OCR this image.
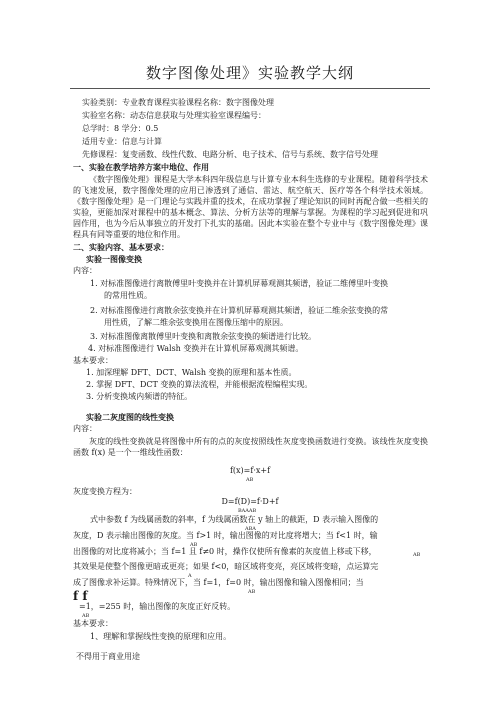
数字图像处理》实验教学大纲
实验类别：专业教育课程实验课程名称：数字图像处理
实验室名称：动态信息获取与处理实验室课程编号：
总学时：8 学分：0.5
适用专业：信息与计算
先修课程：复变函数、线性代数、电路分析、电子技术、信号与系统、数字信号处理
一、实验在教学培养方案中地位、作用
《数字图像处理》课程是大学本科四年级信息与计算专业本科生选修的专业课程。随着科学技术的飞速发展，数字图像处理的应用已渗透到了通信、雷达、航空航天、医疗等各个科学技术领域。《数字图像处理》是一门理论与实践并重的技术，在成功掌握了理论知识的同时再配合做一些相关的实验，更能加深对课程中的基本概念、算法、分析方法等的理解与掌握。为课程的学习起到促进和巩固作用，也为今后从事独立的开发打下扎实的基础。因此本实验在整个专业中与《数字图像处理》课程具有同等重要的地位和作用。
二、实验内容、基本要求：
实验一图像变换
内容：
1. 对标准图像进行离散傅里叶变换并在计算机屏幕观测其频谱，验证二维傅里叶变换
的常用性质。
2. 对标准图像进行离散余弦变换并在计算机屏幕观测其频谱，验证二维余弦变换的常
用性质，了解二维余弦变换用在图像压缩中的原因。
3. 对标准图像离散傅里叶变换和离散余弦变换的频谱进行比较。
4. 对标准图像进行 Walsh 变换并在计算机屏幕观测其频谱。
基本要求：
1. 加深理解 DFT、DCT、Walsh 变换的原理和基本性质。
2. 掌握 DFT、DCT 变换的算法流程，并能根据流程编程实现。
3. 分析变换域内频谱的特征。
实验二灰度图的线性变换
内容：
灰度的线性变换就是将图像中所有的点的灰度按照线性灰度变换函数进行变换。该线性灰度变换函数 f(x) 是一个一维线性函数：
f(x)=f·x+f
AB
灰度变换方程为：
D=f(D)=f·D+f
BAAAB
式中参数 f 为线属函数的斜率，f 为线属函数在 y 轴上的截距，D 表示输入图像的
ABA
灰度，D 表示输出图像的灰度。当 f>1 时，输出图像的对比度将增大；当 f<1 时，输
AB
出图像的对比度将减小；当 f=1 且 f≠0 时，操作仅使所有像素的灰度值上移或下移，	AB
其效果是使整个图像更暗或更亮；如果 f<0，暗区域将变亮，亮区域将变暗，点运算完
A
成了图像求补运算。特殊情况下，当 f=1，f=0 时，输出图像和输入图像相同；当
AB
f f
=1，=255 时，输出图像的灰度正好反转。
AB
基本要求：
1、理解和掌握线性变换的原理和应用。
不得用于商业用途
